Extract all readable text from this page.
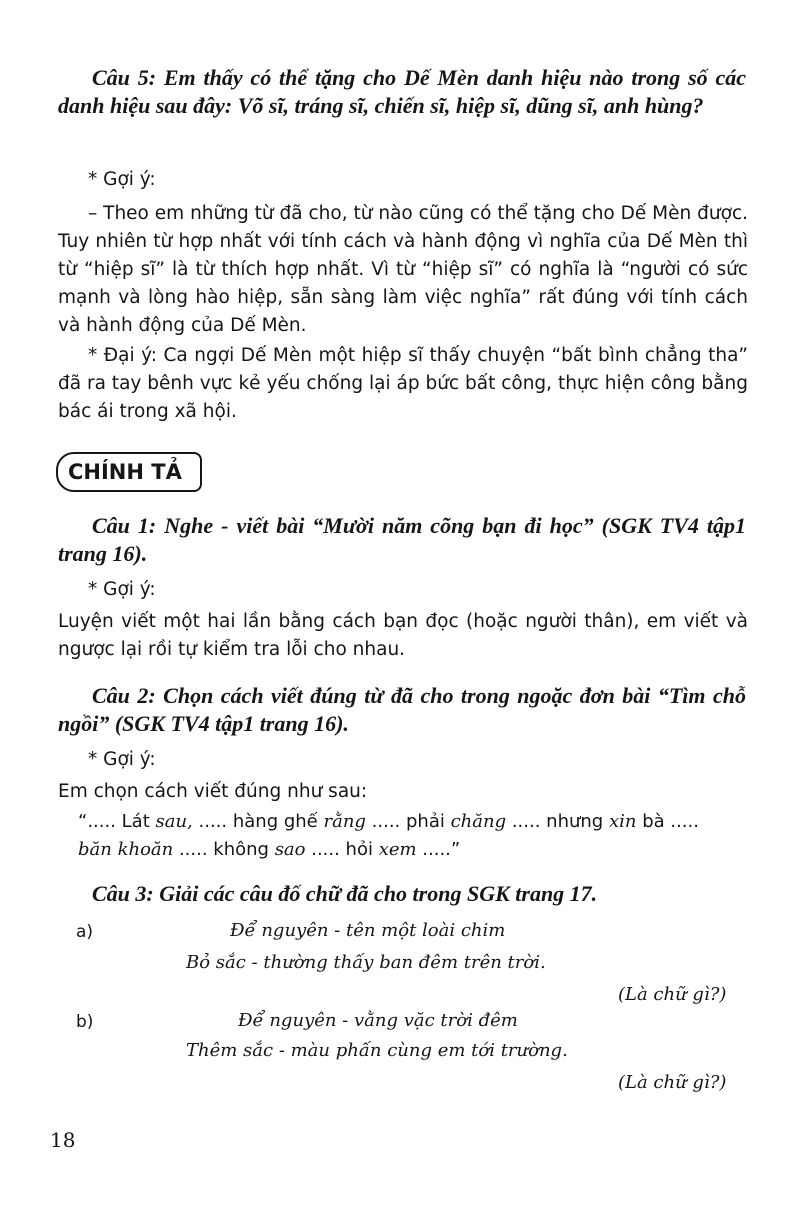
Câu 5: Em thấy có thể tặng cho Dế Mèn danh hiệu nào trong số các danh hiệu sau đây: Võ sĩ, tráng sĩ, chiến sĩ, hiệp sĩ, dũng sĩ, anh hùng?
* Gợi ý:
– Theo em những từ đã cho, từ nào cũng có thể tặng cho Dế Mèn được. Tuy nhiên từ hợp nhất với tính cách và hành động vì nghĩa của Dế Mèn thì từ “hiệp sĩ” là từ thích hợp nhất. Vì từ “hiệp sĩ” có nghĩa là “người có sức mạnh và lòng hào hiệp, sẵn sàng làm việc nghĩa” rất đúng với tính cách và hành động của Dế Mèn.
* Đại ý: Ca ngợi Dế Mèn một hiệp sĩ thấy chuyện “bất bình chẳng tha” đã ra tay bênh vực kẻ yếu chống lại áp bức bất công, thực hiện công bằng bác ái trong xã hội.
CHÍNH TẢ
Câu 1: Nghe - viết bài “Mười năm cõng bạn đi học” (SGK TV4 tập1 trang 16).
* Gợi ý:
Luyện viết một hai lần bằng cách bạn đọc (hoặc người thân), em viết và ngược lại rồi tự kiểm tra lỗi cho nhau.
Câu 2: Chọn cách viết đúng từ đã cho trong ngoặc đơn bài “Tìm chỗ ngồi” (SGK TV4 tập1 trang 16).
* Gợi ý:
Em chọn cách viết đúng như sau:
“..... Lát sau, ..... hàng ghế rằng ..... phải chăng ..... nhưng xin bà .....
băn khoăn ..... không sao ..... hỏi xem .....”
Câu 3: Giải các câu đố chữ đã cho trong SGK trang 17.
a)	Để nguyên - tên một loài chim
Bỏ sắc - thường thấy ban đêm trên trời.
(Là chữ gì?)
b)	Để nguyên - vằng vặc trời đêm
Thêm sắc - màu phấn cùng em tới trường.
(Là chữ gì?)
18
